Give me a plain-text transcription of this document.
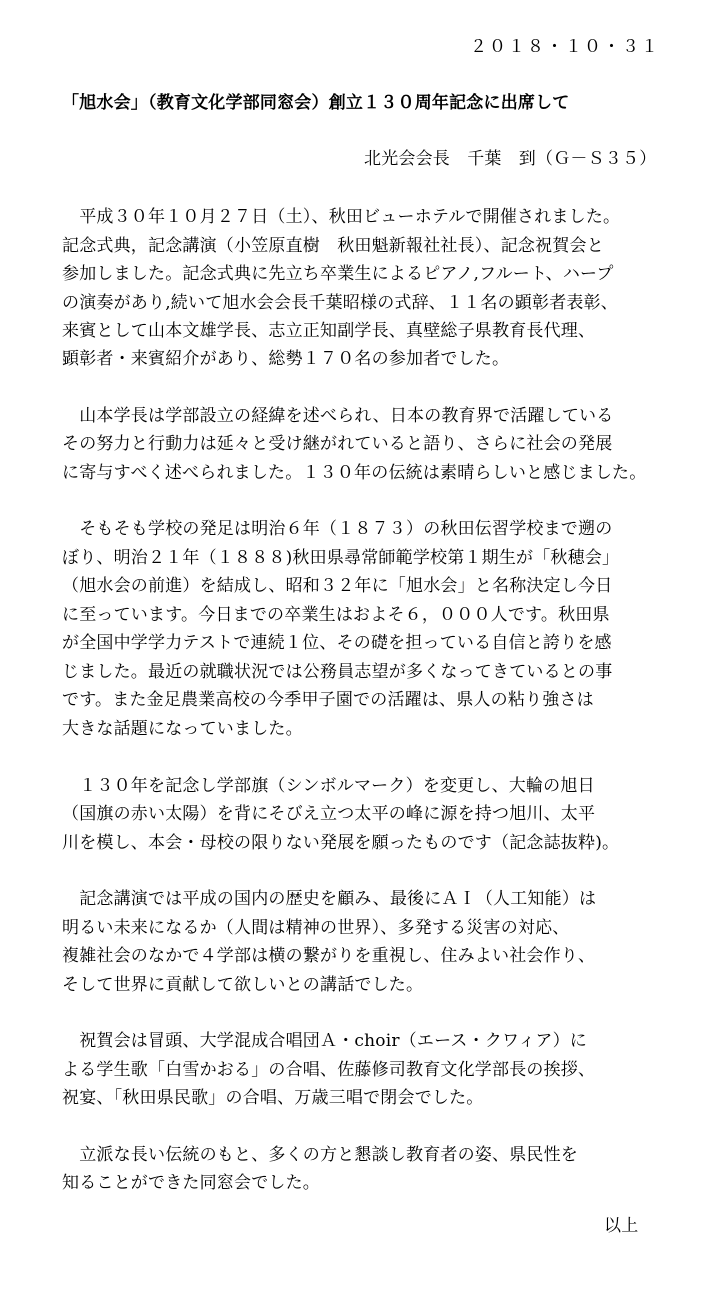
２０１８・１０・３１
「旭水会」（教育文化学部同窓会）創立１３０周年記念に出席して
北光会会長　千葉　到（Ｇ－Ｓ３５）
　平成３０年１０月２７日（土）、秋田ビューホテルで開催されました。
記念式典，記念講演（小笠原直樹　秋田魁新報社社長）、記念祝賀会と
参加しました。記念式典に先立ち卒業生によるピアノ,フルート、ハープ
の演奏があり,続いて旭水会会長千葉昭様の式辞、１１名の顕彰者表彰、
来賓として山本文雄学長、志立正知副学長、真壁総子県教育長代理、
顕彰者・来賓紹介があり、総勢１７０名の参加者でした。
　山本学長は学部設立の経緯を述べられ、日本の教育界で活躍している
その努力と行動力は延々と受け継がれていると語り、さらに社会の発展
に寄与すべく述べられました。１３０年の伝統は素晴らしいと感じました。
　そもそも学校の発足は明治６年（１８７３）の秋田伝習学校まで遡の
ぼり、明治２１年（１８８８)秋田県尋常師範学校第１期生が「秋穂会」
（旭水会の前進）を結成し、昭和３２年に「旭水会」と名称決定し今日
に至っています。今日までの卒業生はおよそ６，０００人です。秋田県
が全国中学学力テストで連続１位、その礎を担っている自信と誇りを感
じました。最近の就職状況では公務員志望が多くなってきているとの事
です。また金足農業高校の今季甲子園での活躍は、県人の粘り強さは
大きな話題になっていました。
　１３０年を記念し学部旗（シンボルマーク）を変更し、大輪の旭日
（国旗の赤い太陽）を背にそびえ立つ太平の峰に源を持つ旭川、太平
川を模し、本会・母校の限りない発展を願ったものです（記念誌抜粋)。
　記念講演では平成の国内の歴史を顧み、最後にＡＩ（人工知能）は
明るい未来になるか（人間は精神の世界）、多発する災害の対応、
複雑社会のなかで４学部は横の繋がりを重視し、住みよい社会作り、
そして世界に貢献して欲しいとの講話でした。
　祝賀会は冒頭、大学混成合唱団Ａ・choir（エース・クワィア）に
よる学生歌「白雪かおる」の合唱、佐藤修司教育文化学部長の挨拶、
祝宴、「秋田県民歌」の合唱、万歳三唱で閉会でした。
　立派な長い伝統のもと、多くの方と懇談し教育者の姿、県民性を
知ることができた同窓会でした。
以上
